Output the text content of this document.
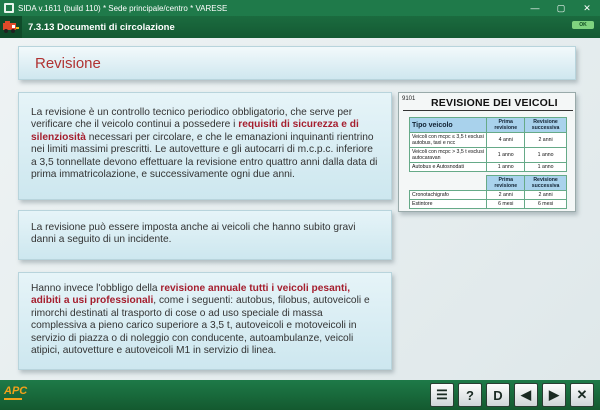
SIDA v.1611 (build 110) * Sede principale/centro * VARESE	—	▢	✕
7.3.13 Documenti di circolazione	OK
Revisione

La revisione è un controllo tecnico periodico obbligatorio, che serve per verificare che il veicolo continui a possedere i requisiti di sicurezza e di silenziosità necessari per circolare, e che le emanazioni inquinanti rientrino nei limiti massimi prescritti. Le autovetture e gli autocarri di m.c.p.c. inferiore a 3,5 tonnellate devono effettuare la revisione entro quattro anni dalla data di prima immatricolazione, e successivamente ogni due anni.

La revisione può essere imposta anche ai veicoli che hanno subito gravi danni a seguito di un incidente.

Hanno invece l'obbligo della revisione annuale tutti i veicoli pesanti, adibiti a usi professionali, come i seguenti: autobus, filobus, autoveicoli e rimorchi destinati al trasporto di cose o ad uso speciale di massa complessiva a pieno carico superiore a 3,5 t, autoveicoli e motoveicoli in servizio di piazza o di noleggio con conducente, autoambulanze, veicoli atipici, autovetture e autoveicoli M1 in servizio di linea.

9101 REVISIONE DEI VEICOLI
Tipo veicolo	Prima revisione	Revisione successiva
Veicoli con mcpc ≤ 3,5 t esclusi autobus, taxi e ncc	4 anni	2 anni
Veicoli con mcpc > 3,5 t esclusi autocaravan	1 anno	1 anno
Autobus e Autosnodati	1 anno	1 anno
	Prima revisione	Revisione successiva
Cronotachigrafo	2 anni	2 anni
Estintore	6 mesi	6 mesi
APC	☰ ? D ◀ ▶ ✕
